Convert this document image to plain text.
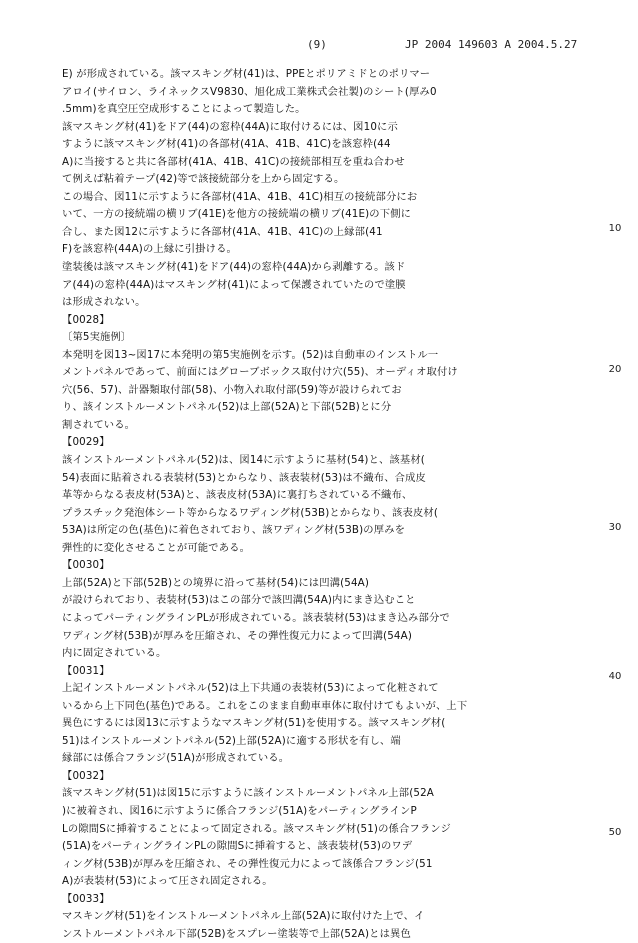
(9)	JP 2004 149603 A 2004.5.27
E) が形成されている。該マスキング材(41)は、PPEとポリアミドとのポリマー
アロイ(サイロン、ライネックスV9830、旭化成工業株式会社製)のシート(厚み0
.5mm)を真空圧空成形することによって製造した。
該マスキング材(41)をドア(44)の窓枠(44A)に取付けるには、図10に示
すように該マスキング材(41)の各部材(41A、41B、41C)を該窓枠(44
A)に当接すると共に各部材(41A、41B、41C)の接続部相互を重ね合わせ
て例えば粘着テープ(42)等で該接続部分を上から固定する。
この場合、図11に示すように各部材(41A、41B、41C)相互の接続部分にお
いて、一方の接続端の横リブ(41E)を他方の接続端の横リブ(41E)の下側に
合し、また図12に示すように各部材(41A、41B、41C)の上縁部(41
F)を該窓枠(44A)の上縁に引掛ける。
塗装後は該マスキング材(41)をドア(44)の窓枠(44A)から剥離する。該ド
ア(44)の窓枠(44A)はマスキング材(41)によって保護されていたので塗膜
は形成されない。
【0028】
〔第5実施例〕
本発明を図13~図17に本発明の第5実施例を示す。(52)は自動車のインストル一
メントパネルであって、前面にはグローブボックス取付け穴(55)、オーディオ取付け
穴(56、57)、計器類取付部(58)、小物入れ取付部(59)等が設けられてお
り、該インストルーメントパネル(52)は上部(52A)と下部(52B)とに分
割されている。
【0029】
該インストルーメントパネル(52)は、図14に示すように基材(54)と、該基材(
54)表面に貼着される表装材(53)とからなり、該表装材(53)は不織布、合成皮
革等からなる表皮材(53A)と、該表皮材(53A)に裏打ちされている不織布、
プラスチック発泡体シート等からなるワディング材(53B)とからなり、該表皮材(
53A)は所定の色(基色)に着色されており、該ワディング材(53B)の厚みを
弾性的に変化させることが可能である。
【0030】
上部(52A)と下部(52B)との境界に沿って基材(54)には凹溝(54A)
が設けられており、表装材(53)はこの部分で該凹溝(54A)内にまき込むこと
によってパーティングラインPLが形成されている。該表装材(53)はまき込み部分で
ワディング材(53B)が厚みを圧縮され、その弾性復元力によって凹溝(54A)
内に固定されている。
【0031】
上記インストルーメントパネル(52)は上下共通の表装材(53)によって化粧されて
いるから上下同色(基色)である。これをこのまま自動車車体に取付けてもよいが、上下
異色にするには図13に示すようなマスキング材(51)を使用する。該マスキング材(
51)はインストルーメントパネル(52)上部(52A)に適する形状を有し、端
縁部には係合フランジ(51A)が形成されている。
【0032】
該マスキング材(51)は図15に示すように該インストルーメントパネル上部(52A
)に被着され、図16に示すように係合フランジ(51A)をパーティングラインP
Lの隙間Sに挿着することによって固定される。該マスキング材(51)の係合フランジ
(51A)をパーティングラインPLの隙間Sに挿着すると、該表装材(53)のワデ
ィング材(53B)が厚みを圧縮され、その弾性復元力によって該係合フランジ(51
A)が表装材(53)によって圧され固定される。
【0033】
マスキング材(51)をインストルーメントパネル上部(52A)に取付けた上で、イ
ンストルーメントパネル下部(52B)をスプレー塗装等で上部(52A)とは異色
10
20
30
40
50
